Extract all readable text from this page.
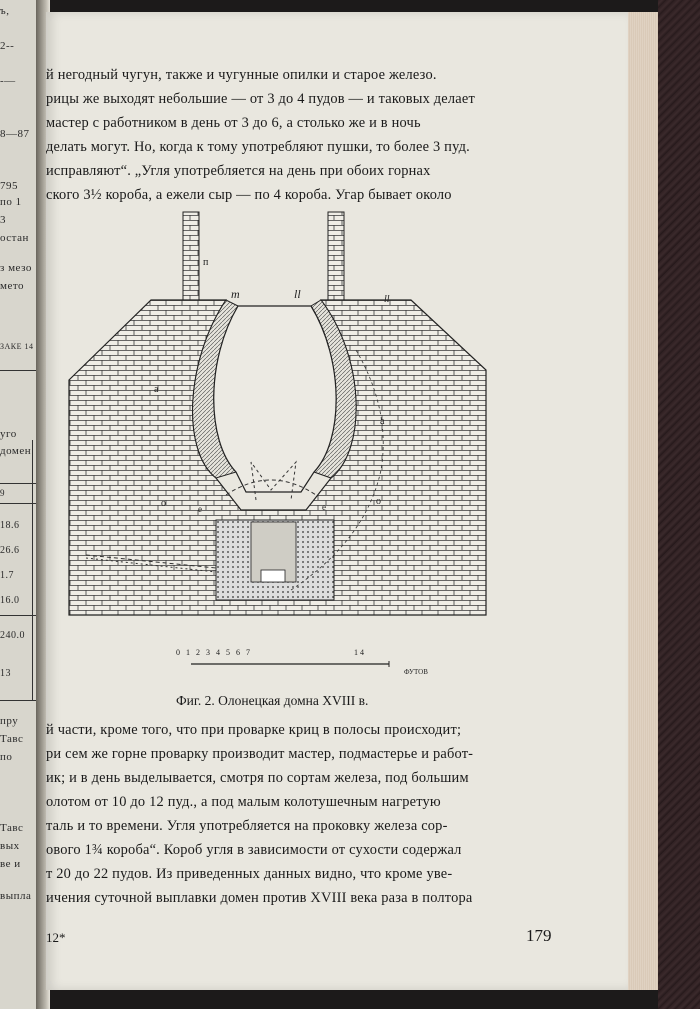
ъ,
2--
-—
8—87
795
по 1
3
остан
з мезо
мето
ЗАКЕ 14
уго
домен
9
18.6
26.6
1.7
16.0
240.0
13
пру
Тавс
по
Тавс
вых
ве и
выпла
й негодный чугун, также и чугунные опилки и старое железо.
рицы же выходят небольшие — от 3 до 4 пудов — и таковых делает
мастер с работником в день от 3 до 6, а столько же и в ночь
делать могут. Но, когда к тому употребляют пушки, то более 3 пуд.
исправляют“. „Угля употребляется на день при обоих горнах
ского 3½ короба, а ежели сыр — по 4 короба. Угар бывает около
п
т	ll	ll
а
а
о	о
е	е
0 1 2 3 4 5 6 7	14
ФУТОВ
Фиг. 2. Олонецкая домна XVIII в.
й части, кроме того, что при проварке криц в полосы происходит;
ри сем же горне проварку производит мастер, подмастерье и работ-
ик; и в день выделывается, смотря по сортам железа, под большим
олотом от 10 до 12 пуд., а под малым колотушечным нагретую
таль и то времени. Угля употребляется на проковку железа сор-
ового 1¾ короба“. Короб угля в зависимости от сухости содержал
т 20 до 22 пудов. Из приведенных данных видно, что кроме уве-
ичения суточной выплавки домен против XVIII века раза в полтора
12*	179
